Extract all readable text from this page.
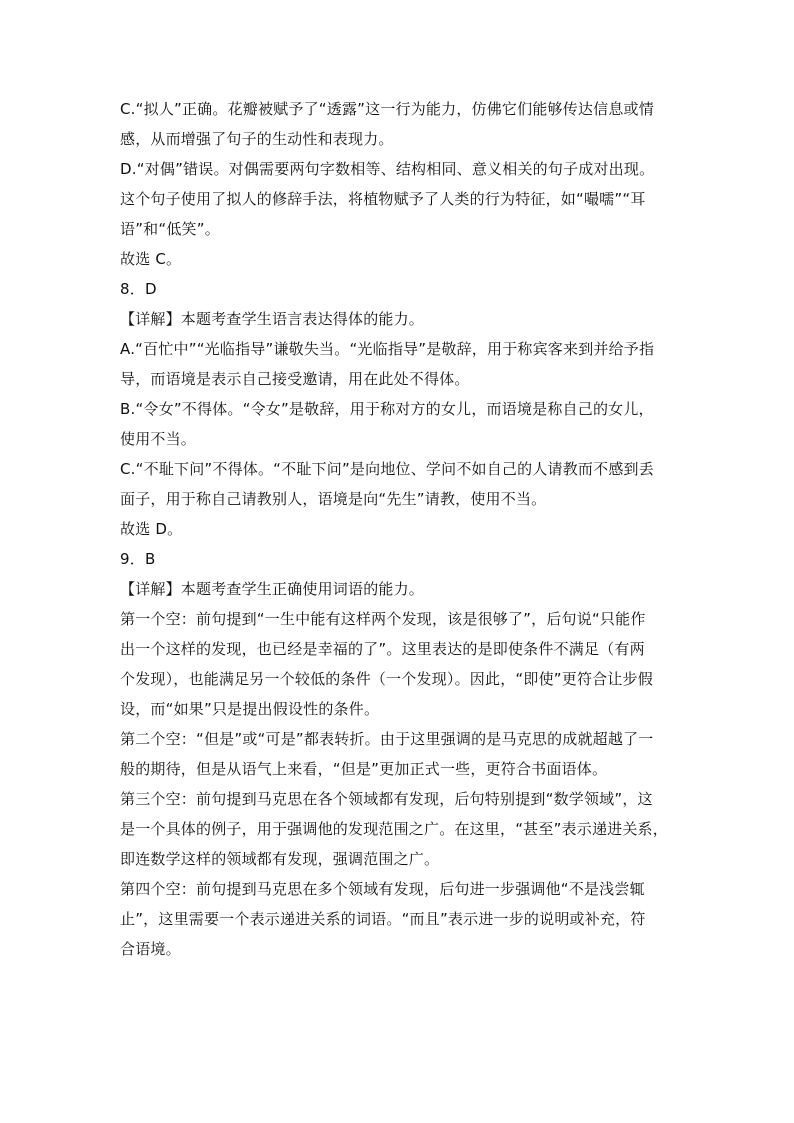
C.“拟人”正确。花瓣被赋予了“透露”这一行为能力，仿佛它们能够传达信息或情
感，从而增强了句子的生动性和表现力。
D.“对偶”错误。对偶需要两句字数相等、结构相同、意义相关的句子成对出现。
这个句子使用了拟人的修辞手法，将植物赋予了人类的行为特征，如“嘬嚅”“耳
语”和“低笑”。
故选 C。
8．D
【详解】本题考查学生语言表达得体的能力。
A.“百忙中”“光临指导”谦敬失当。“光临指导”是敬辞，用于称宾客来到并给予指
导，而语境是表示自己接受邀请，用在此处不得体。
B.“令女”不得体。“令女”是敬辞，用于称对方的女儿，而语境是称自己的女儿，
使用不当。
C.“不耻下问”不得体。“不耻下问”是向地位、学问不如自己的人请教而不感到丢
面子，用于称自己请教别人，语境是向“先生”请教，使用不当。
故选 D。
9．B
【详解】本题考查学生正确使用词语的能力。
第一个空：前句提到“一生中能有这样两个发现，该是很够了”，后句说“只能作
出一个这样的发现，也已经是幸福的了”。这里表达的是即使条件不满足（有两
个发现），也能满足另一个较低的条件（一个发现）。因此，“即使”更符合让步假
设，而“如果”只是提出假设性的条件。
第二个空：“但是”或“可是”都表转折。由于这里强调的是马克思的成就超越了一
般的期待，但是从语气上来看，“但是”更加正式一些，更符合书面语体。
第三个空：前句提到马克思在各个领域都有发现，后句特别提到“数学领域”，这
是一个具体的例子，用于强调他的发现范围之广。在这里，“甚至”表示递进关系，
即连数学这样的领域都有发现，强调范围之广。
第四个空：前句提到马克思在多个领域有发现，后句进一步强调他“不是浅尝辄
止”，这里需要一个表示递进关系的词语。“而且”表示进一步的说明或补充，符
合语境。
